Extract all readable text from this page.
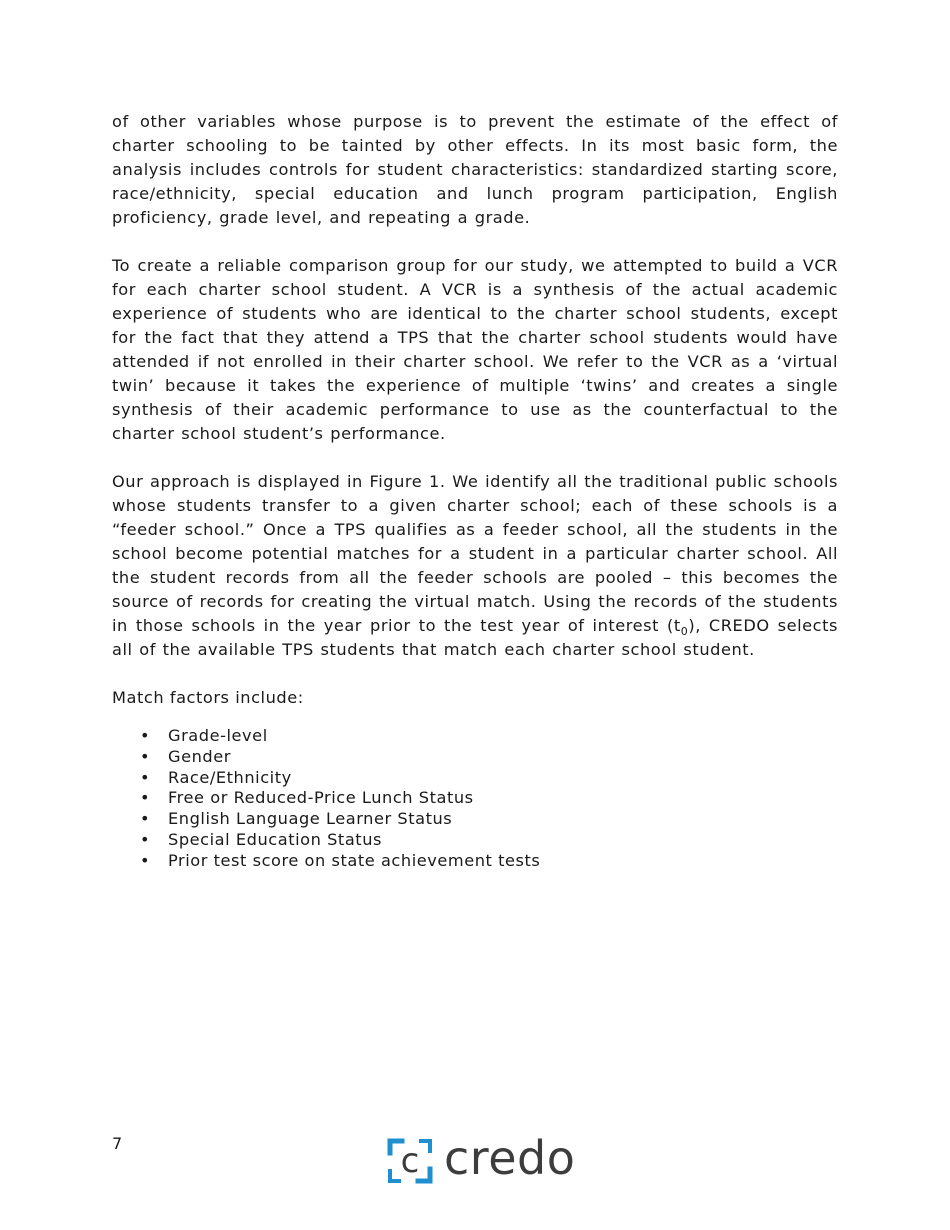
of other variables whose purpose is to prevent the estimate of the effect of charter schooling to be tainted by other effects. In its most basic form, the analysis includes controls for student characteristics: standardized starting score, race/ethnicity, special education and lunch program participation, English proficiency, grade level, and repeating a grade.

To create a reliable comparison group for our study, we attempted to build a VCR for each charter school student. A VCR is a synthesis of the actual academic experience of students who are identical to the charter school students, except for the fact that they attend a TPS that the charter school students would have attended if not enrolled in their charter school. We refer to the VCR as a ‘virtual twin’ because it takes the experience of multiple ‘twins’ and creates a single synthesis of their academic performance to use as the counterfactual to the charter school student’s performance.

Our approach is displayed in Figure 1. We identify all the traditional public schools whose students transfer to a given charter school; each of these schools is a “feeder school.” Once a TPS qualifies as a feeder school, all the students in the school become potential matches for a student in a particular charter school. All the student records from all the feeder schools are pooled – this becomes the source of records for creating the virtual match. Using the records of the students in those schools in the year prior to the test year of interest $(t_0)$, CREDO selects all of the available TPS students that match each charter school student.

Match factors include:

• Grade-level
• Gender
• Race/Ethnicity
• Free or Reduced-Price Lunch Status
• English Language Learner Status
• Special Education Status
• Prior test score on state achievement tests
7	c credo
